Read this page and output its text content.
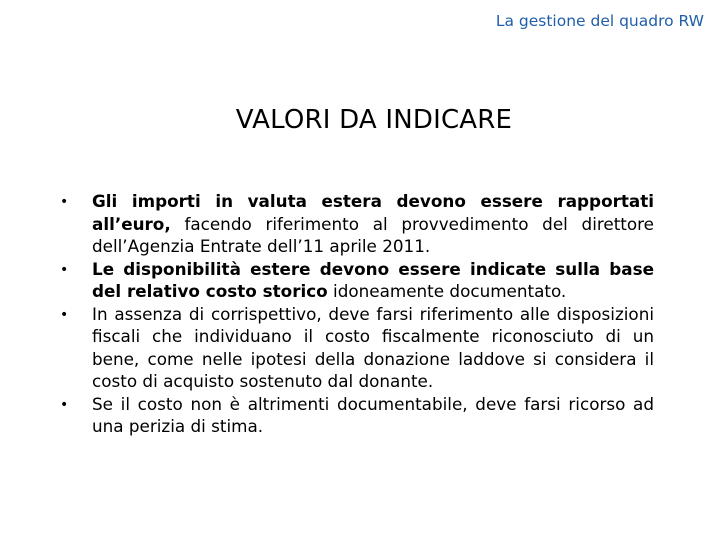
La gestione del quadro RW
VALORI DA INDICARE
• Gli importi in valuta estera devono essere rapportati all’euro, facendo riferimento al provvedimento del direttore dell’Agenzia Entrate dell’11 aprile 2011.
• Le disponibilità estere devono essere indicate sulla base del relativo costo storico idoneamente documentato.
• In assenza di corrispettivo, deve farsi riferimento alle disposizioni fiscali che individuano il costo fiscalmente riconosciuto di un bene, come nelle ipotesi della donazione laddove si considera il costo di acquisto sostenuto dal donante.
• Se il costo non è altrimenti documentabile, deve farsi ricorso ad una perizia di stima.
